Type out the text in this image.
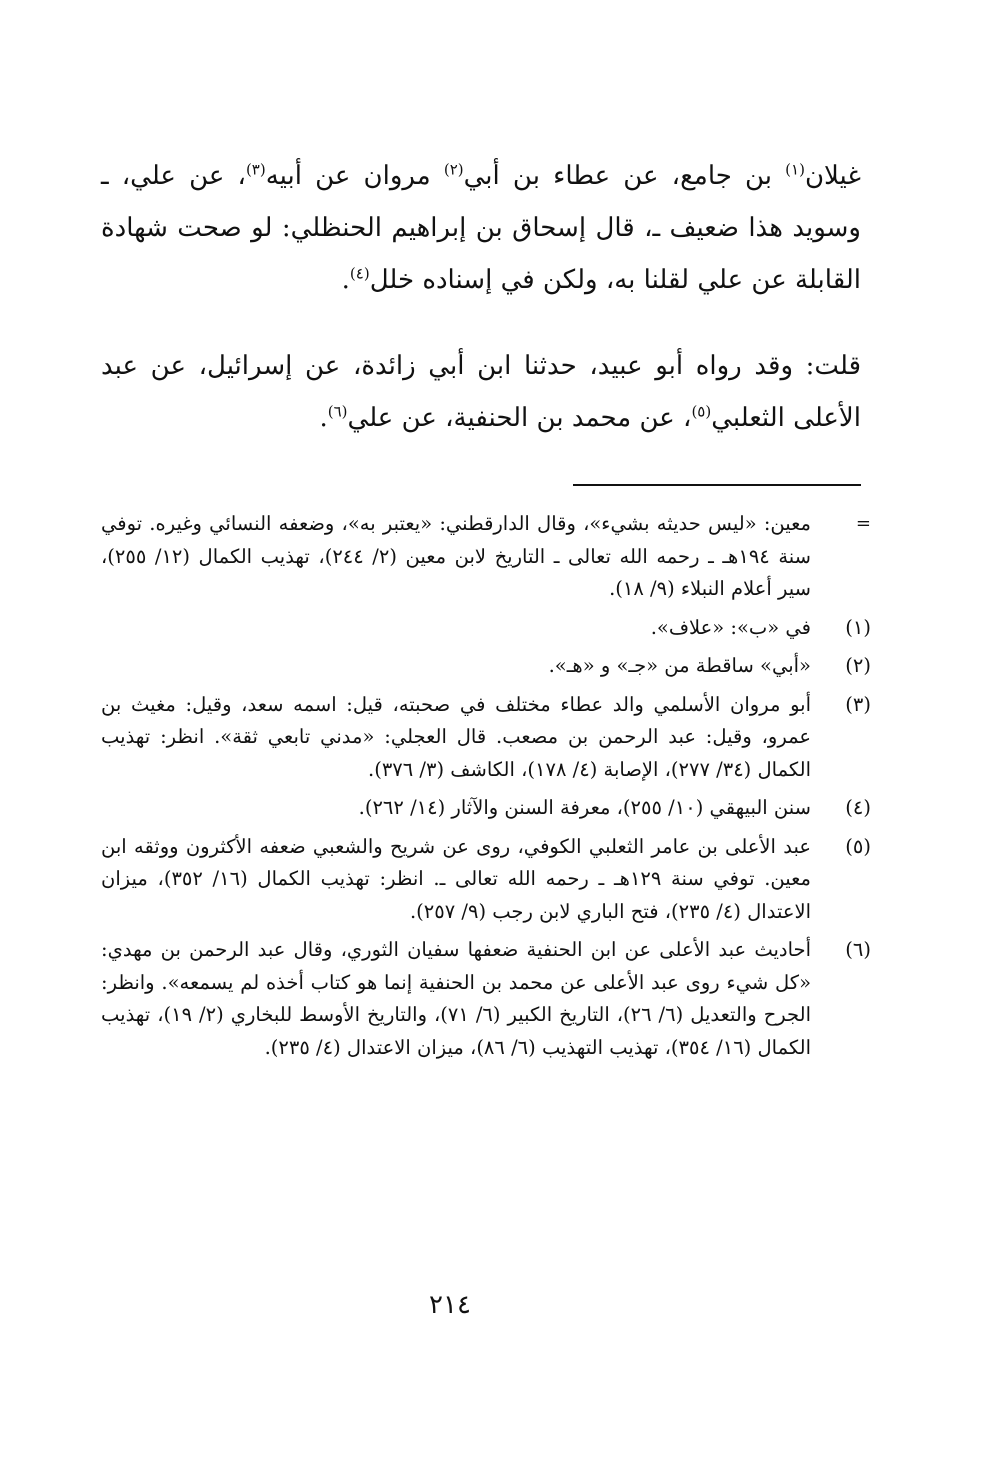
غيلان$^{(١)}$ بن جامع، عن عطاء بن أبي$^{(٢)}$ مروان عن أبيه$^{(٣)}$، عن علي، ـ وسويد هذا ضعيف ـ، قال إسحاق بن إبراهيم الحنظلي: لو صحت شهادة القابلة عن علي لقلنا به، ولكن في إسناده خلل$^{(٤)}$.

قلت: وقد رواه أبو عبيد، حدثنا ابن أبي زائدة، عن إسرائيل، عن عبد الأعلى الثعلبي$^{(٥)}$، عن محمد بن الحنفية، عن علي$^{(٦)}$.

=
معين: «ليس حديثه بشيء»، وقال الدارقطني: «يعتبر به»، وضعفه النسائي وغيره. توفي سنة ١٩٤هـ ـ رحمه الله تعالى ـ التاريخ لابن معين (٢/ ٢٤٤)، تهذيب الكمال (١٢/ ٢٥٥)، سير أعلام النبلاء (٩/ ١٨).
(١)
في «ب»: «علاف».
(٢)
«أبي» ساقطة من «جـ» و «هـ».
(٣)
أبو مروان الأسلمي والد عطاء مختلف في صحبته، قيل: اسمه سعد، وقيل: مغيث بن عمرو، وقيل: عبد الرحمن بن مصعب. قال العجلي: «مدني تابعي ثقة». انظر: تهذيب الكمال (٣٤/ ٢٧٧)، الإصابة (٤/ ١٧٨)، الكاشف (٣/ ٣٧٦).
(٤)
سنن البيهقي (١٠/ ٢٥٥)، معرفة السنن والآثار (١٤/ ٢٦٢).
(٥)
عبد الأعلى بن عامر الثعلبي الكوفي، روى عن شريح والشعبي ضعفه الأكثرون ووثقه ابن معين. توفي سنة ١٢٩هـ ـ رحمه الله تعالى ـ. انظر: تهذيب الكمال (١٦/ ٣٥٢)، ميزان الاعتدال (٤/ ٢٣٥)، فتح الباري لابن رجب (٩/ ٢٥٧).
(٦)
أحاديث عبد الأعلى عن ابن الحنفية ضعفها سفيان الثوري، وقال عبد الرحمن بن مهدي: «كل شيء روى عبد الأعلى عن محمد بن الحنفية إنما هو كتاب أخذه لم يسمعه». وانظر: الجرح والتعديل (٦/ ٢٦)، التاريخ الكبير (٦/ ٧١)، والتاريخ الأوسط للبخاري (٢/ ١٩)، تهذيب الكمال (١٦/ ٣٥٤)، تهذيب التهذيب (٦/ ٨٦)، ميزان الاعتدال (٤/ ٢٣٥).
٢١٤
